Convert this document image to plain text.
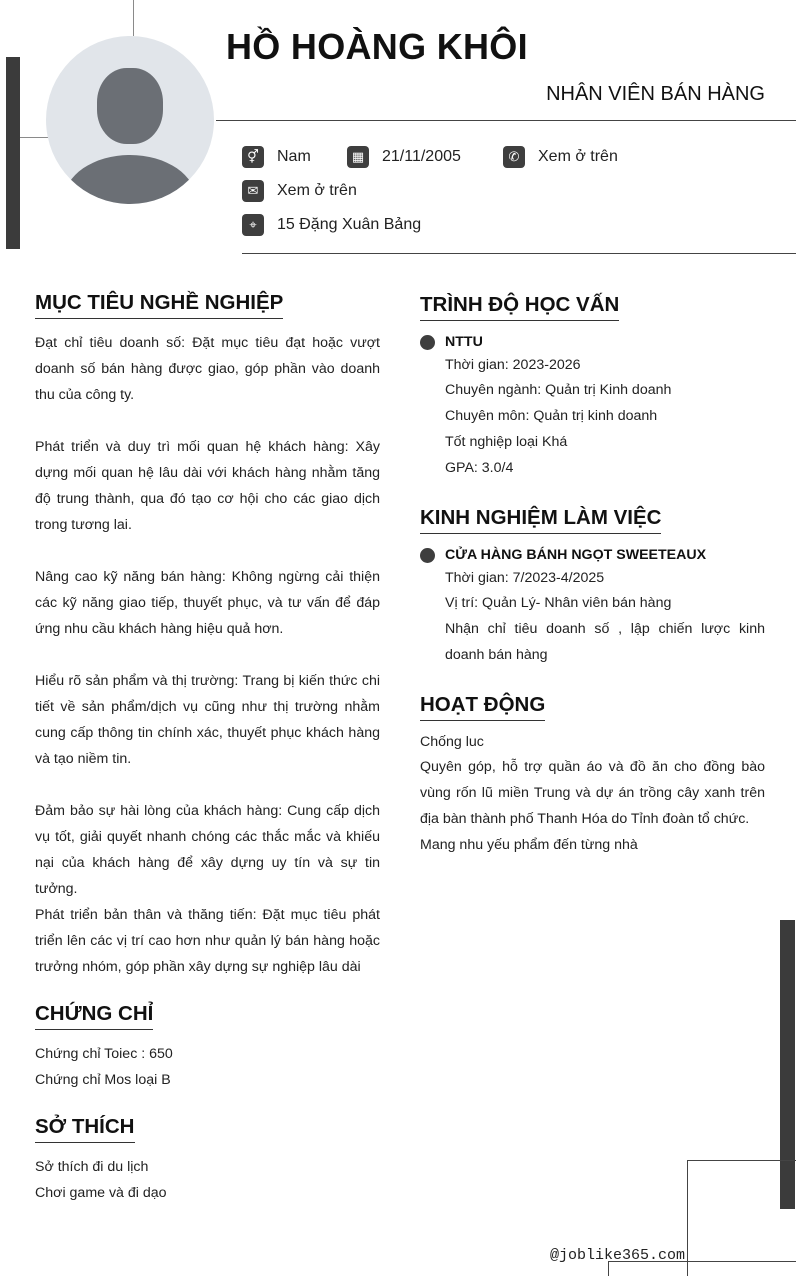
HỒ HOÀNG KHÔI
NHÂN VIÊN BÁN HÀNG
⚥	Nam	▦	21/11/2005	✆	Xem ở trên
✉	Xem ở trên
⌖	15 Đặng Xuân Bảng
MỤC TIÊU NGHỀ NGHIỆP
Đạt chỉ tiêu doanh số: Đặt mục tiêu đạt hoặc vượt doanh số bán hàng được giao, góp phần vào doanh thu của công ty.
Phát triển và duy trì mối quan hệ khách hàng: Xây dựng mối quan hệ lâu dài với khách hàng nhằm tăng độ trung thành, qua đó tạo cơ hội cho các giao dịch trong tương lai.
Nâng cao kỹ năng bán hàng: Không ngừng cải thiện các kỹ năng giao tiếp, thuyết phục, và tư vấn để đáp ứng nhu cầu khách hàng hiệu quả hơn.
Hiểu rõ sản phẩm và thị trường: Trang bị kiến thức chi tiết về sản phẩm/dịch vụ cũng như thị trường nhằm cung cấp thông tin chính xác, thuyết phục khách hàng và tạo niềm tin.
Đảm bảo sự hài lòng của khách hàng: Cung cấp dịch vụ tốt, giải quyết nhanh chóng các thắc mắc và khiếu nại của khách hàng để xây dựng uy tín và sự tin tưởng.
Phát triển bản thân và thăng tiến: Đặt mục tiêu phát triển lên các vị trí cao hơn như quản lý bán hàng hoặc trưởng nhóm, góp phần xây dựng sự nghiệp lâu dài
CHỨNG CHỈ
Chứng chỉ Toiec : 650
Chứng chỉ Mos loại B
SỞ THÍCH
Sở thích đi du lịch
Chơi game và đi dạo
TRÌNH ĐỘ HỌC VẤN
NTTU
Thời gian: 2023-2026
Chuyên ngành: Quản trị Kinh doanh
Chuyên môn: Quản trị kinh doanh
Tốt nghiệp loại Khá
GPA: 3.0/4
KINH NGHIỆM LÀM VIỆC
CỬA HÀNG BÁNH NGỌT SWEETEAUX
Thời gian: 7/2023-4/2025
Vị trí: Quản Lý- Nhân viên bán hàng
Nhận chỉ tiêu doanh số , lập chiến lược kinh doanh bán hàng
HOẠT ĐỘNG
Chống luc
Quyên góp, hỗ trợ quần áo và đồ ăn cho đồng bào vùng rốn lũ miền Trung và dự án trồng cây xanh trên địa bàn thành phố Thanh Hóa do Tỉnh đoàn tổ chức.
Mang nhu yếu phẩm đến từng nhà
@joblike365.com
